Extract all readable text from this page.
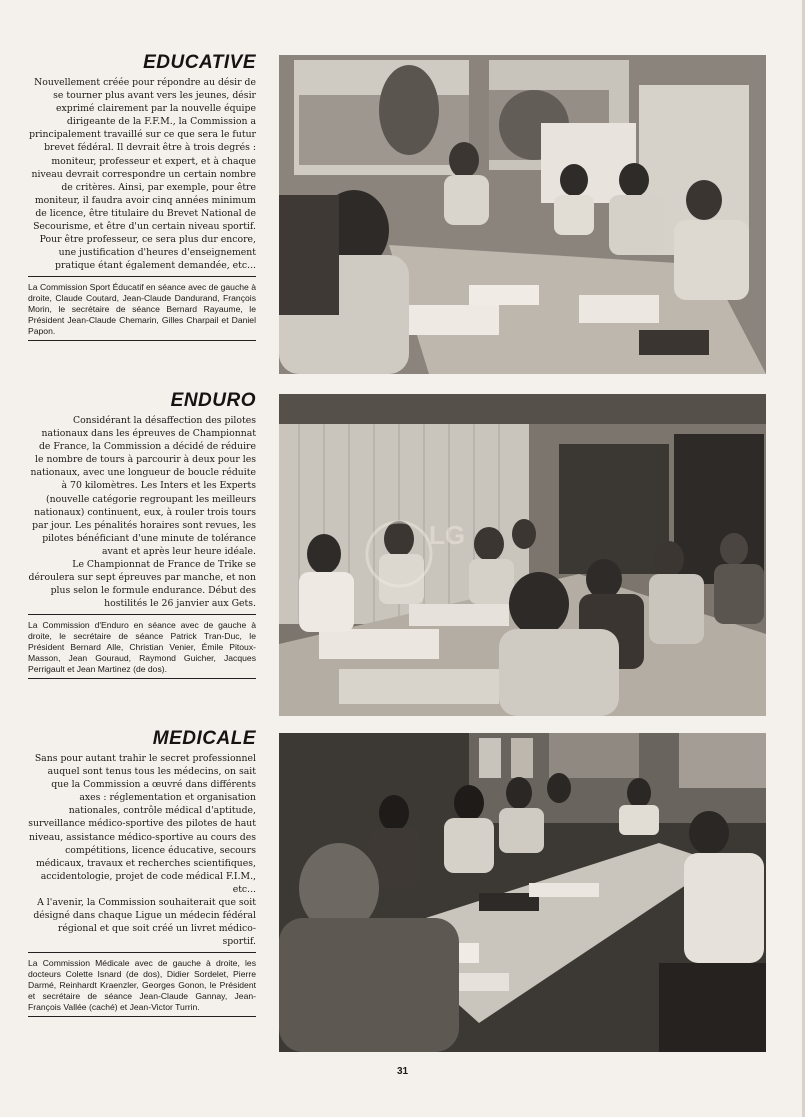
EDUCATIVE

Nouvellement créée pour répondre au désir de se tourner plus avant vers les jeunes, désir exprimé clairement par la nouvelle équipe dirigeante de la F.F.M., la Commission a principalement travaillé sur ce que sera le futur brevet fédéral. Il devrait être à trois degrés : moniteur, professeur et expert, et à chaque niveau devrait correspondre un certain nombre de critères. Ainsi, par exemple, pour être moniteur, il faudra avoir cinq années minimum de licence, être titulaire du Brevet National de Secourisme, et être d'un certain niveau sportif. Pour être professeur, ce sera plus dur encore, une justification d'heures d'enseignement pratique étant également demandée, etc...

La Commission Sport Éducatif en séance avec de gauche à droite, Claude Coutard, Jean-Claude Dandurand, François Morin, le secrétaire de séance Bernard Rayaume, le Président Jean-Claude Chemarin, Gilles Charpail et Daniel Papon.

ENDURO

Considérant la désaffection des pilotes nationaux dans les épreuves de Championnat de France, la Commission a décidé de réduire le nombre de tours à parcourir à deux pour les nationaux, avec une longueur de boucle réduite à 70 kilomètres. Les Inters et les Experts (nouvelle catégorie regroupant les meilleurs nationaux) continuent, eux, à rouler trois tours par jour. Les pénalités horaires sont revues, les pilotes bénéficiant d'une minute de tolérance avant et après leur heure idéale.

Le Championnat de France de Trike se déroulera sur sept épreuves par manche, et non plus selon le formule endurance. Début des hostilités le 26 janvier aux Gets.

La Commission d'Enduro en séance avec de gauche à droite, le secrétaire de séance Patrick Tran-Duc, le Président Bernard Alle, Christian Venier, Émile Pitoux-Masson, Jean Gouraud, Raymond Guicher, Jacques Perrigault et Jean Martinez (de dos).

LG
MEDICALE

Sans pour autant trahir le secret professionnel auquel sont tenus tous les médecins, on sait que la Commission a œuvré dans différents axes : réglementation et organisation nationales, contrôle médical d'aptitude, surveillance médico-sportive des pilotes de haut niveau, assistance médico-sportive au cours des compétitions, licence éducative, secours médicaux, travaux et recherches scientifiques, accidentologie, projet de code médical F.I.M., etc...

A l'avenir, la Commission souhaiterait que soit désigné dans chaque Ligue un médecin fédéral régional et que soit créé un livret médico-sportif.

La Commission Médicale avec de gauche à droite, les docteurs Colette Isnard (de dos), Didier Sordelet, Pierre Darmé, Reinhardt Kraenzler, Georges Gonon, le Président et secrétaire de séance Jean-Claude Gannay, Jean-François Vallée (caché) et Jean-Victor Turrin.

31
